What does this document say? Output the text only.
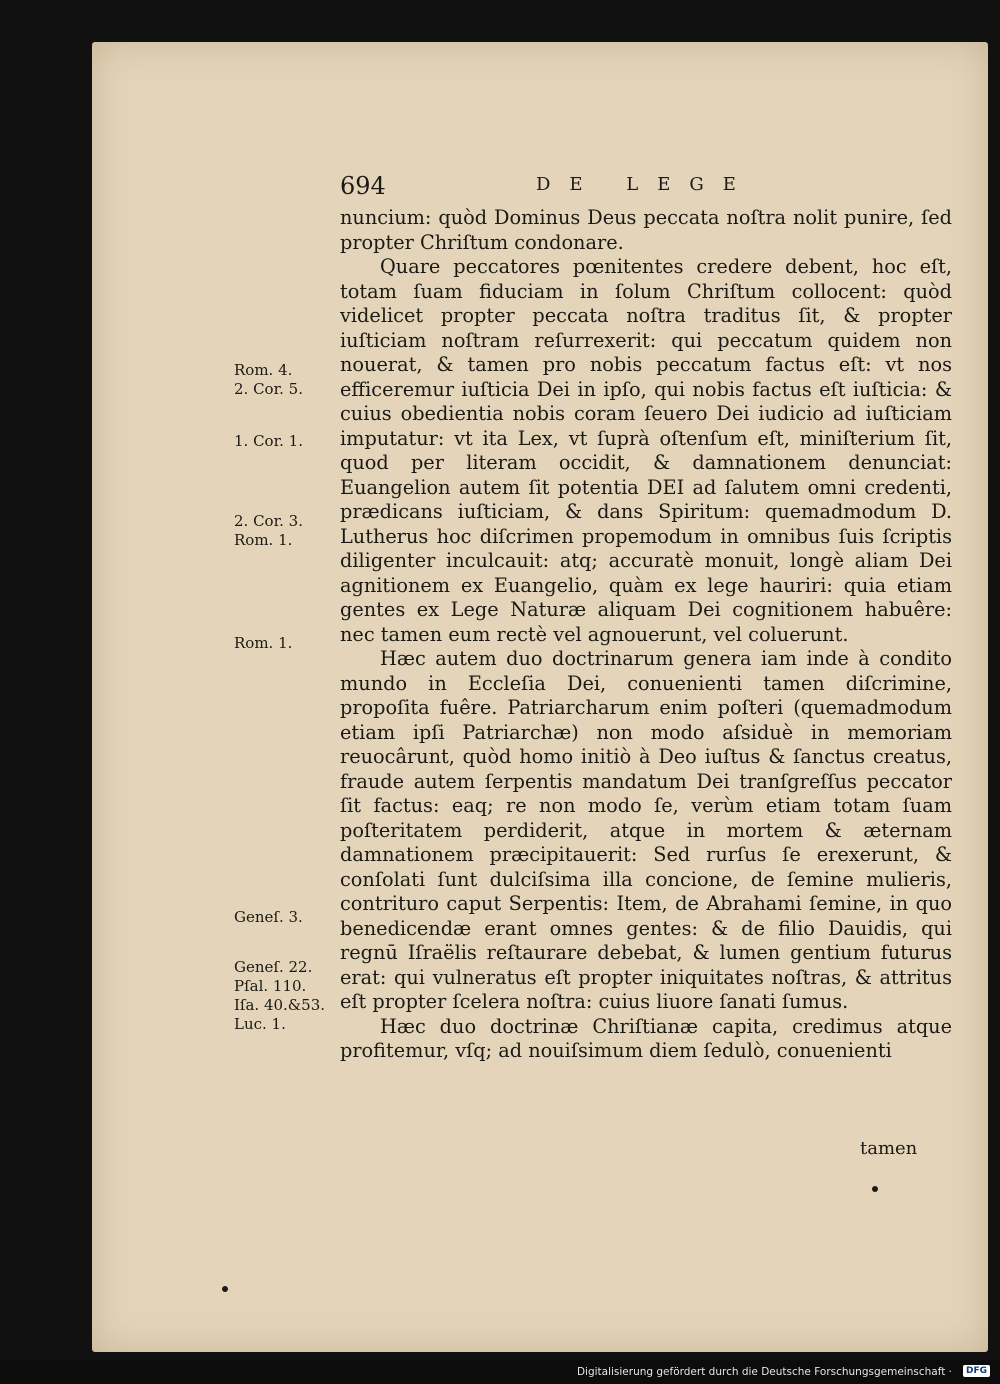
694	DE LEGE

nuncium: quòd Dominus Deus peccata noſtra nolit punire, ſed propter Chriſtum condonare.

Quare peccatores pœnitentes credere debent, hoc eſt, totam ſuam fiduciam in ſolum Chriſtum collocent: quòd videlicet propter peccata noſtra traditus ſit, & propter iuſticiam noſtram reſurrexerit: qui peccatum quidem non nouerat, & tamen pro nobis peccatum factus eſt: vt nos efficeremur iuſticia Dei in ipſo, qui nobis factus eſt iuſticia: & cuius obedientia nobis coram ſeuero Dei iudicio ad iuſticiam imputatur: vt ita Lex, vt ſuprà oſtenſum eſt, miniſterium ſit, quod per literam occidit, & damnationem denunciat: Euangelion autem ſit potentia DEI ad ſalutem omni credenti, prædicans iuſticiam, & dans Spiritum: quemadmodum D. Lutherus hoc diſcrimen propemodum in omnibus ſuis ſcriptis diligenter inculcauit: atq; accuratè monuit, longè aliam Dei agnitionem ex Euangelio, quàm ex lege hauriri: quia etiam gentes ex Lege Naturæ aliquam Dei cognitionem habuêre: nec tamen eum rectè vel agnouerunt, vel coluerunt.

Hæc autem duo doctrinarum genera iam inde à condito mundo in Eccleſia Dei, conuenienti tamen diſcrimine, propoſita fuêre. Patriarcharum enim poſteri (quemadmodum etiam ipſi Patriarchæ) non modo aſsiduè in memoriam reuocârunt, quòd homo initiò à Deo iuſtus & ſanctus creatus, fraude autem ſerpentis mandatum Dei tranſgreſſus peccator ſit factus: eaq; re non modo ſe, verùm etiam totam ſuam poſteritatem perdiderit, atque in mortem & æternam damnationem præcipitauerit: Sed rurſus ſe erexerunt, & conſolati ſunt dulciſsima illa concione, de ſemine mulieris, contrituro caput Serpentis: Item, de Abrahami ſemine, in quo benedicendæ erant omnes gentes: & de filio Dauidis, qui regnū Iſraëlis reſtaurare debebat, & lumen gentium futurus erat: qui vulneratus eſt propter iniquitates noſtras, & attritus eſt propter ſcelera noſtra: cuius liuore ſanati ſumus.

Hæc duo doctrinæ Chriſtianæ capita, credimus atque profitemur, vſq; ad nouiſsimum diem ſedulò, conuenienti

tamen
Rom. 4.
2. Cor. 5.
1. Cor. 1.
2. Cor. 3.
Rom. 1.
Rom. 1.
Geneſ. 3.
Geneſ. 22.
Pſal. 110.
Iſa. 40.&53.
Luc. 1.
Digitalisierung gefördert durch die Deutsche Forschungsgemeinschaft ·	DFG
